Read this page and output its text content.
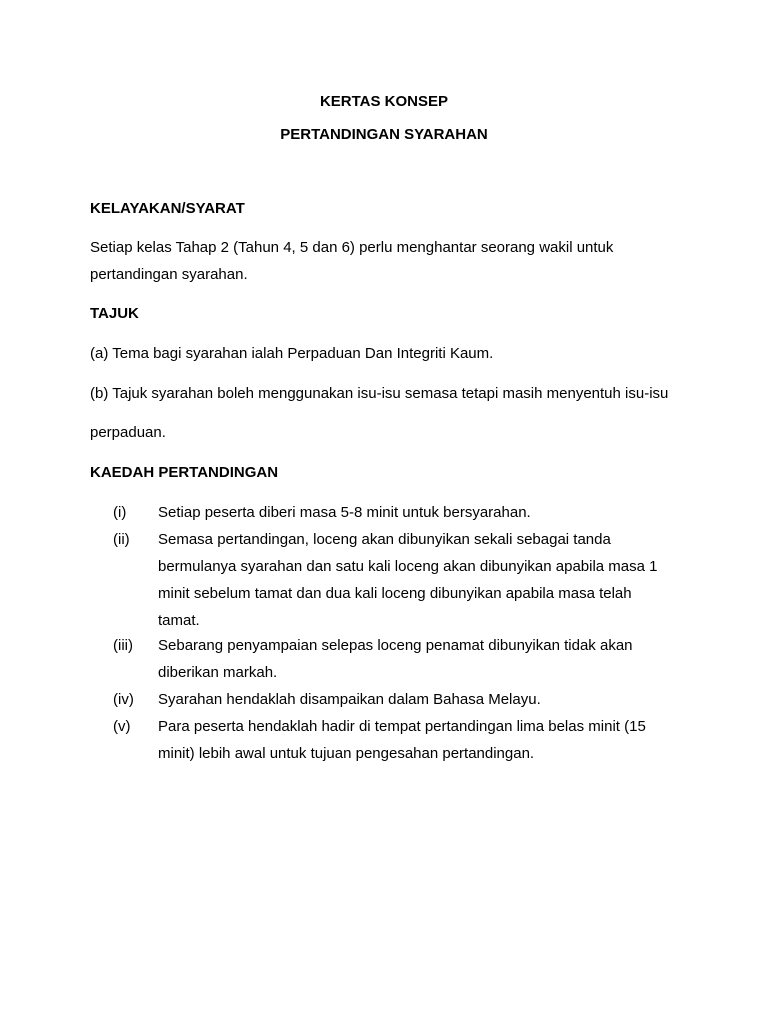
KERTAS KONSEP
PERTANDINGAN SYARAHAN
KELAYAKAN/SYARAT
Setiap kelas Tahap 2 (Tahun 4, 5 dan 6) perlu menghantar seorang wakil untuk
pertandingan syarahan.
TAJUK
(a) Tema bagi syarahan ialah Perpaduan Dan Integriti Kaum.
(b) Tajuk syarahan boleh menggunakan isu-isu semasa tetapi masih menyentuh isu-isu
perpaduan.
KAEDAH PERTANDINGAN
(i) Setiap peserta diberi masa 5-8 minit untuk bersyarahan.
(ii) Semasa pertandingan, loceng akan dibunyikan sekali sebagai tanda
bermulanya syarahan dan satu kali loceng akan dibunyikan apabila masa 1
minit sebelum tamat dan dua kali loceng dibunyikan apabila masa telah
tamat.
(iii) Sebarang penyampaian selepas loceng penamat dibunyikan tidak akan
diberikan markah.
(iv) Syarahan hendaklah disampaikan dalam Bahasa Melayu.
(v) Para peserta hendaklah hadir di tempat pertandingan lima belas minit (15
minit) lebih awal untuk tujuan pengesahan pertandingan.
